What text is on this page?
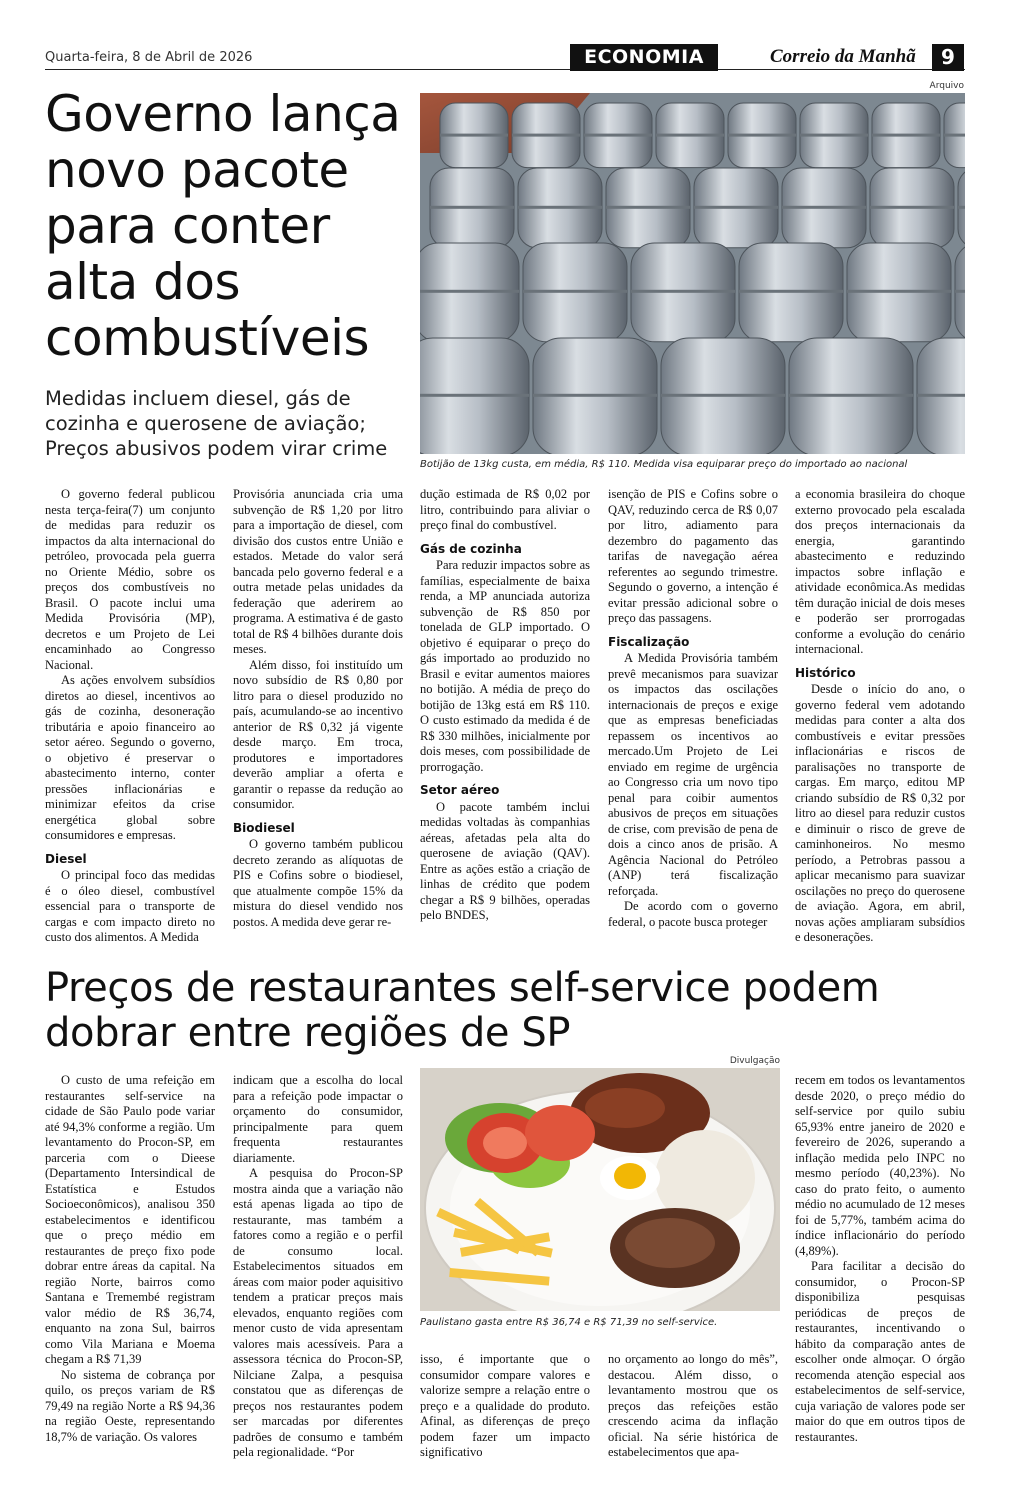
Quarta-feira, 8 de Abril de 2026	ECONOMIA	Correio da Manhã	9
Governo lança novo pacote para conter alta dos combustíveis
Medidas incluem diesel, gás de cozinha e querosene de aviação; Preços abusivos podem virar crime
Arquivo
Botijão de 13kg custa, em média, R$ 110. Medida visa equiparar preço do importado ao nacional

O governo federal publicou nesta terça-feira(7) um conjunto de medidas para reduzir os impactos da alta internacional do petróleo, provocada pela guerra no Oriente Médio, sobre os preços dos combustíveis no Brasil. O pacote inclui uma Medida Provisória (MP), decretos e um Projeto de Lei encaminhado ao Congresso Nacional.

As ações envolvem subsídios diretos ao diesel, incentivos ao gás de cozinha, desoneração tributária e apoio financeiro ao setor aéreo. Segundo o governo, o objetivo é preservar o abastecimento interno, conter pressões inflacionárias e minimizar efeitos da crise energética global sobre consumidores e empresas.

Diesel

O principal foco das medidas é o óleo diesel, combustível essencial para o transporte de cargas e com impacto direto no custo dos alimentos. A Medida

Provisória anunciada cria uma subvenção de R$ 1,20 por litro para a importação de diesel, com divisão dos custos entre União e estados. Metade do valor será bancada pelo governo federal e a outra metade pelas unidades da federação que aderirem ao programa. A estimativa é de gasto total de R$ 4 bilhões durante dois meses.

Além disso, foi instituído um novo subsídio de R$ 0,80 por litro para o diesel produzido no país, acumulando-se ao incentivo anterior de R$ 0,32 já vigente desde março. Em troca, produtores e importadores deverão ampliar a oferta e garantir o repasse da redução ao consumidor.

Biodiesel

O governo também publicou decreto zerando as alíquotas de PIS e Cofins sobre o biodiesel, que atualmente compõe 15% da mistura do diesel vendido nos postos. A medida deve gerar re-

dução estimada de R$ 0,02 por litro, contribuindo para aliviar o preço final do combustível.

Gás de cozinha

Para reduzir impactos sobre as famílias, especialmente de baixa renda, a MP anunciada autoriza subvenção de R$ 850 por tonelada de GLP importado. O objetivo é equiparar o preço do gás importado ao produzido no Brasil e evitar aumentos maiores no botijão. A média de preço do botijão de 13kg está em R$ 110. O custo estimado da medida é de R$ 330 milhões, inicialmente por dois meses, com possibilidade de prorrogação.

Setor aéreo

O pacote também inclui medidas voltadas às companhias aéreas, afetadas pela alta do querosene de aviação (QAV). Entre as ações estão a criação de linhas de crédito que podem chegar a R$ 9 bilhões, operadas pelo BNDES,

isenção de PIS e Cofins sobre o QAV, reduzindo cerca de R$ 0,07 por litro, adiamento para dezembro do pagamento das tarifas de navegação aérea referentes ao segundo trimestre. Segundo o governo, a intenção é evitar pressão adicional sobre o preço das passagens.

Fiscalização

A Medida Provisória também prevê mecanismos para suavizar os impactos das oscilações internacionais de preços e exige que as empresas beneficiadas repassem os incentivos ao mercado.Um Projeto de Lei enviado em regime de urgência ao Congresso cria um novo tipo penal para coibir aumentos abusivos de preços em situações de crise, com previsão de pena de dois a cinco anos de prisão. A Agência Nacional do Petróleo (ANP) terá fiscalização reforçada.

De acordo com o governo federal, o pacote busca proteger

a economia brasileira do choque externo provocado pela escalada dos preços internacionais da energia, garantindo abastecimento e reduzindo impactos sobre inflação e atividade econômica.As medidas têm duração inicial de dois meses e poderão ser prorrogadas conforme a evolução do cenário internacional.

Histórico

Desde o início do ano, o governo federal vem adotando medidas para conter a alta dos combustíveis e evitar pressões inflacionárias e riscos de paralisações no transporte de cargas. Em março, editou MP criando subsídio de R$ 0,32 por litro ao diesel para reduzir custos e diminuir o risco de greve de caminhoneiros. No mesmo período, a Petrobras passou a aplicar mecanismo para suavizar oscilações no preço do querosene de aviação. Agora, em abril, novas ações ampliaram subsídios e desonerações.

Preços de restaurantes self-service podem dobrar entre regiões de SP
Divulgação
Paulistano gasta entre R$ 36,74 e R$ 71,39 no self-service.

O custo de uma refeição em restaurantes self-service na cidade de São Paulo pode variar até 94,3% conforme a região. Um levantamento do Procon-SP, em parceria com o Dieese (Departamento Intersindical de Estatística e Estudos Socioeconômicos), analisou 350 estabelecimentos e identificou que o preço médio em restaurantes de preço fixo pode dobrar entre áreas da capital. Na região Norte, bairros como Santana e Tremembé registram valor médio de R$ 36,74, enquanto na zona Sul, bairros como Vila Mariana e Moema chegam a R$ 71,39

No sistema de cobrança por quilo, os preços variam de R$ 79,49 na região Norte a R$ 94,36 na região Oeste, representando 18,7% de variação. Os valores

indicam que a escolha do local para a refeição pode impactar o orçamento do consumidor, principalmente para quem frequenta restaurantes diariamente.

A pesquisa do Procon-SP mostra ainda que a variação não está apenas ligada ao tipo de restaurante, mas também a fatores como a região e o perfil de consumo local. Estabelecimentos situados em áreas com maior poder aquisitivo tendem a praticar preços mais elevados, enquanto regiões com menor custo de vida apresentam valores mais acessíveis. Para a assessora técnica do Procon-SP, Nilciane Zalpa, a pesquisa constatou que as diferenças de preços nos restaurantes podem ser marcadas por diferentes padrões de consumo e também pela regionalidade. “Por

isso, é importante que o consumidor compare valores e valorize sempre a relação entre o preço e a qualidade do produto. Afinal, as diferenças de preço podem fazer um impacto significativo

no orçamento ao longo do mês”, destacou. Além disso, o levantamento mostrou que os preços das refeições estão crescendo acima da inflação oficial. Na série histórica de estabelecimentos que apa-

recem em todos os levantamentos desde 2020, o preço médio do self-service por quilo subiu 65,93% entre janeiro de 2020 e fevereiro de 2026, superando a inflação medida pelo INPC no mesmo período (40,23%). No caso do prato feito, o aumento médio no acumulado de 12 meses foi de 5,77%, também acima do índice inflacionário do período (4,89%).

Para facilitar a decisão do consumidor, o Procon-SP disponibiliza pesquisas periódicas de preços de restaurantes, incentivando o hábito da comparação antes de escolher onde almoçar. O órgão recomenda atenção especial aos estabelecimentos de self-service, cuja variação de valores pode ser maior do que em outros tipos de restaurantes.
